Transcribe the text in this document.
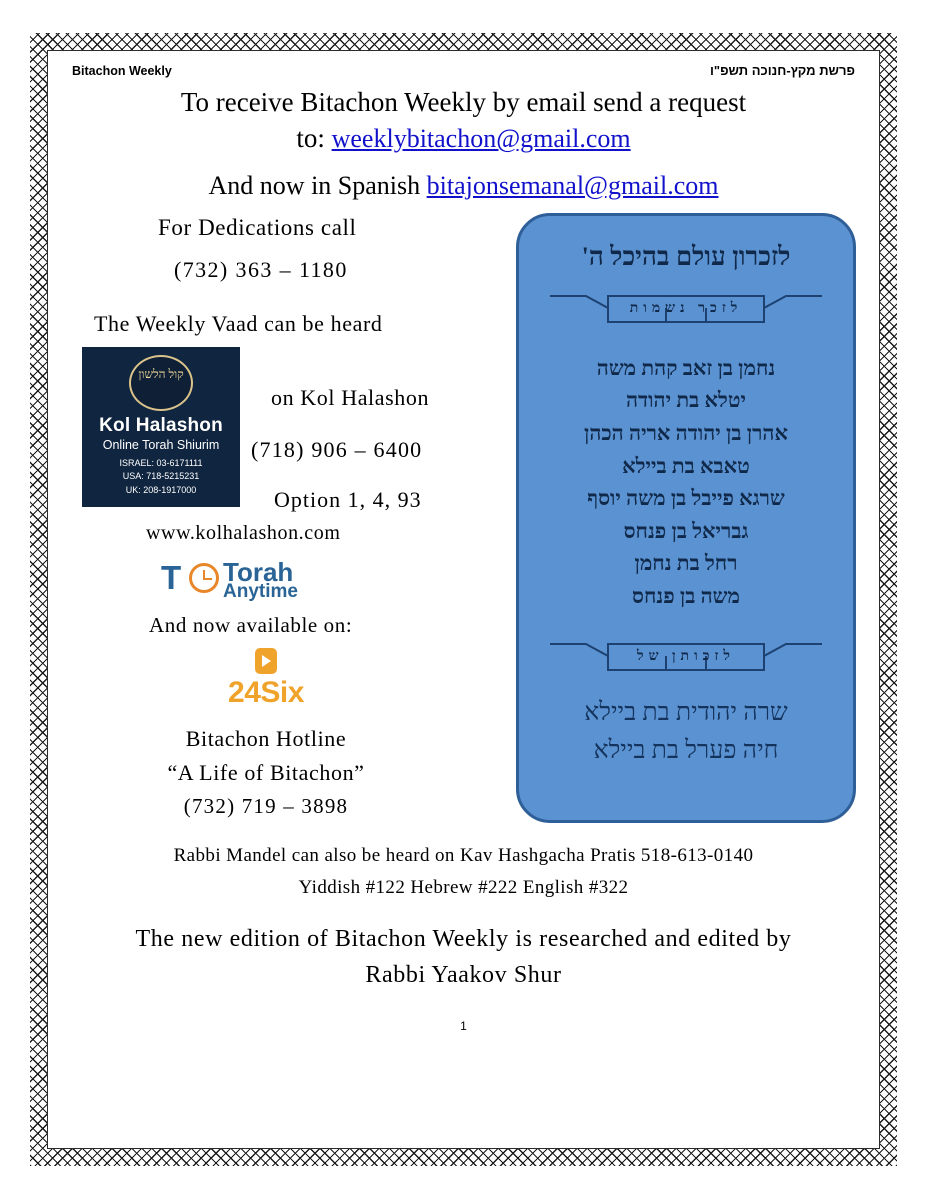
Bitachon Weekly	פרשת מקץ-חנוכה תשפ"ו
To receive Bitachon Weekly by email send a request
to: weeklybitachon@gmail.com
And now in Spanish bitajonsemanal@gmail.com
For Dedications call
(732) 363 – 1180
The Weekly Vaad can be heard
קול הלשון
Kol Halashon
Online Torah Shiurim
ISRAEL: 03-6171111
USA: 718-5215231
UK: 208-1917000
on Kol Halashon
(718) 906 – 6400
Option 1, 4, 93
www.kolhalashon.com
T Torah
Anytime
And now available on:
24Six
Bitachon Hotline
“A Life of Bitachon”
(732) 719 – 3898
לזכרון עולם בהיכל ה'
לזכר נשמות
נחמן בן זאב קהת משה
יטלא בת יהודה
אהרן בן יהודה אריה הכהן
טאבא בת ביילא
שרגא פייבל בן משה יוסף
גבריאל בן פנחס
רחל בת נחמן
משה בן פנחס
לזכותן של
שרה יהודית בת ביילא
חיה פערל בת ביילא
Rabbi Mandel can also be heard on Kav Hashgacha Pratis 518-613-0140
Yiddish #122 Hebrew #222 English #322
The new edition of Bitachon Weekly is researched and edited by
Rabbi Yaakov Shur
1
